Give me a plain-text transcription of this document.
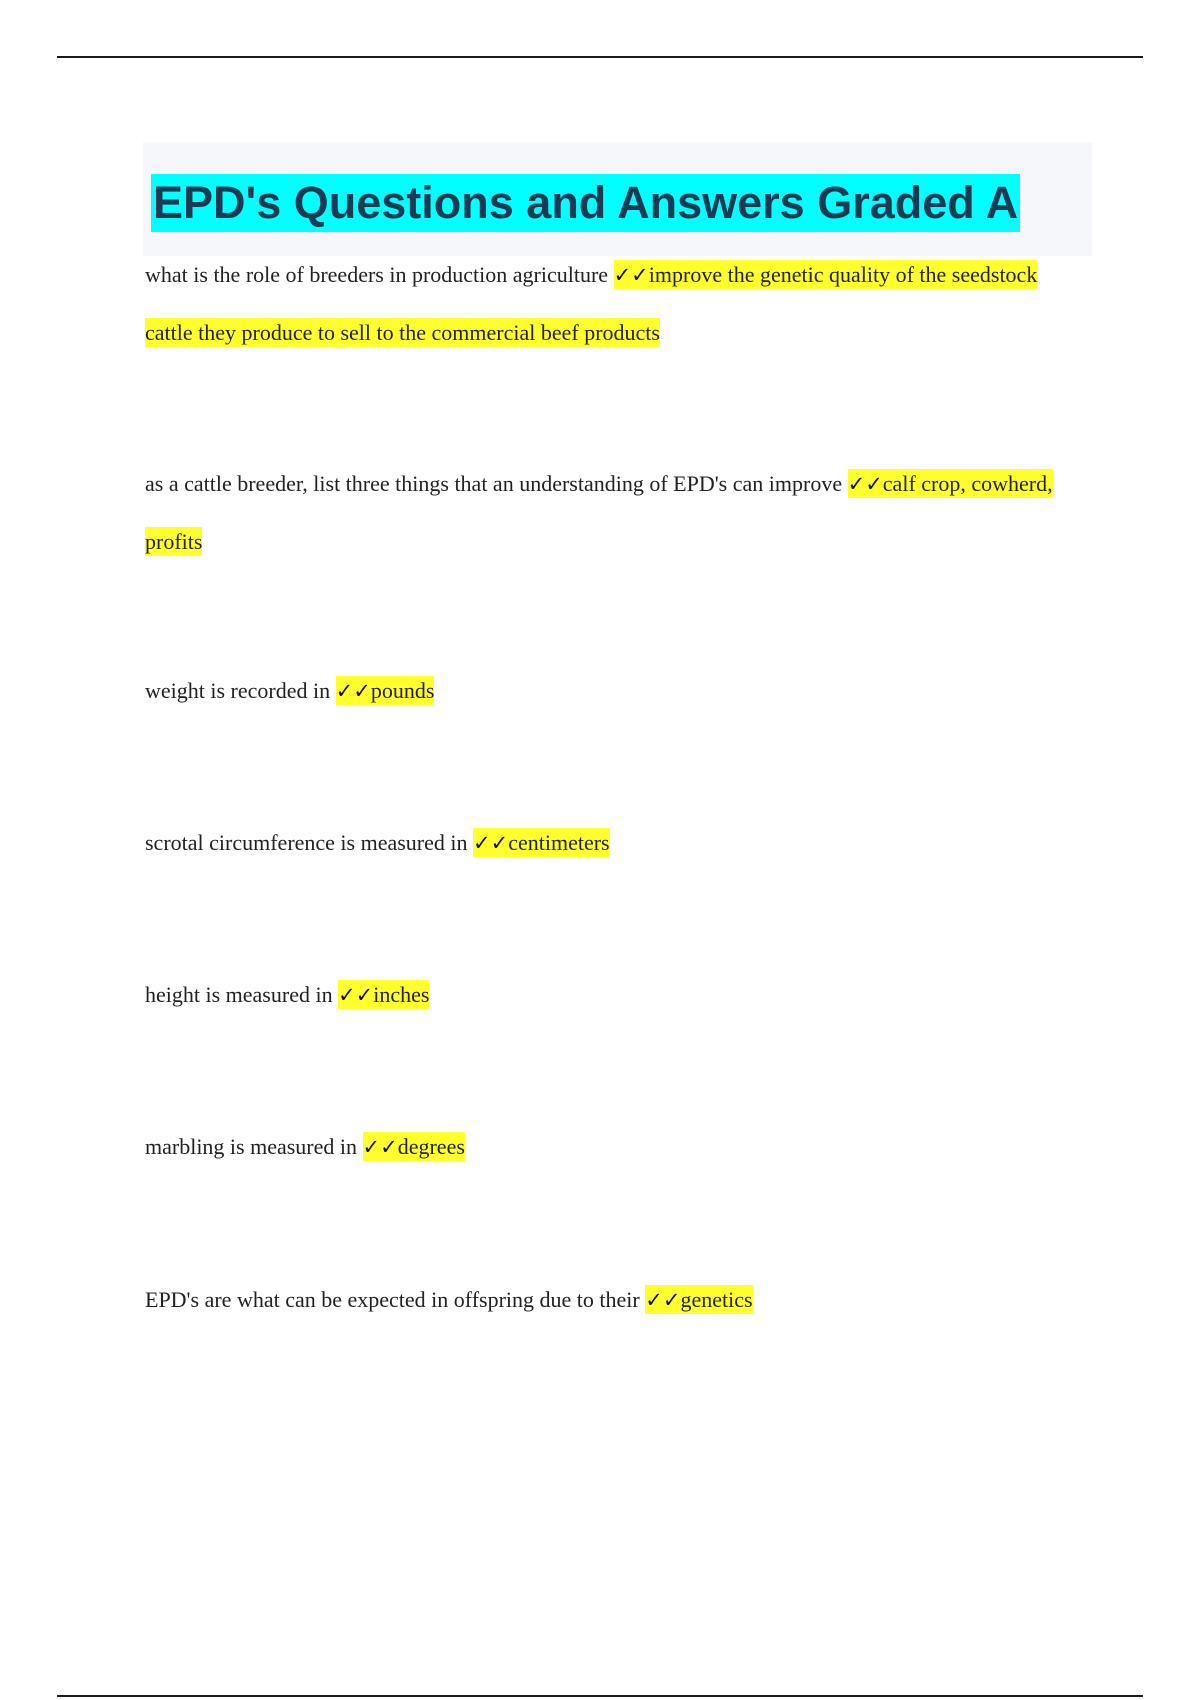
EPD's Questions and Answers Graded A

what is the role of breeders in production agriculture ✓✓improve the genetic quality of the seedstock cattle they produce to sell to the commercial beef products

as a cattle breeder, list three things that an understanding of EPD's can improve ✓✓calf crop, cowherd, profits

weight is recorded in ✓✓pounds

scrotal circumference is measured in ✓✓centimeters

height is measured in ✓✓inches

marbling is measured in ✓✓degrees

EPD's are what can be expected in offspring due to their ✓✓genetics
